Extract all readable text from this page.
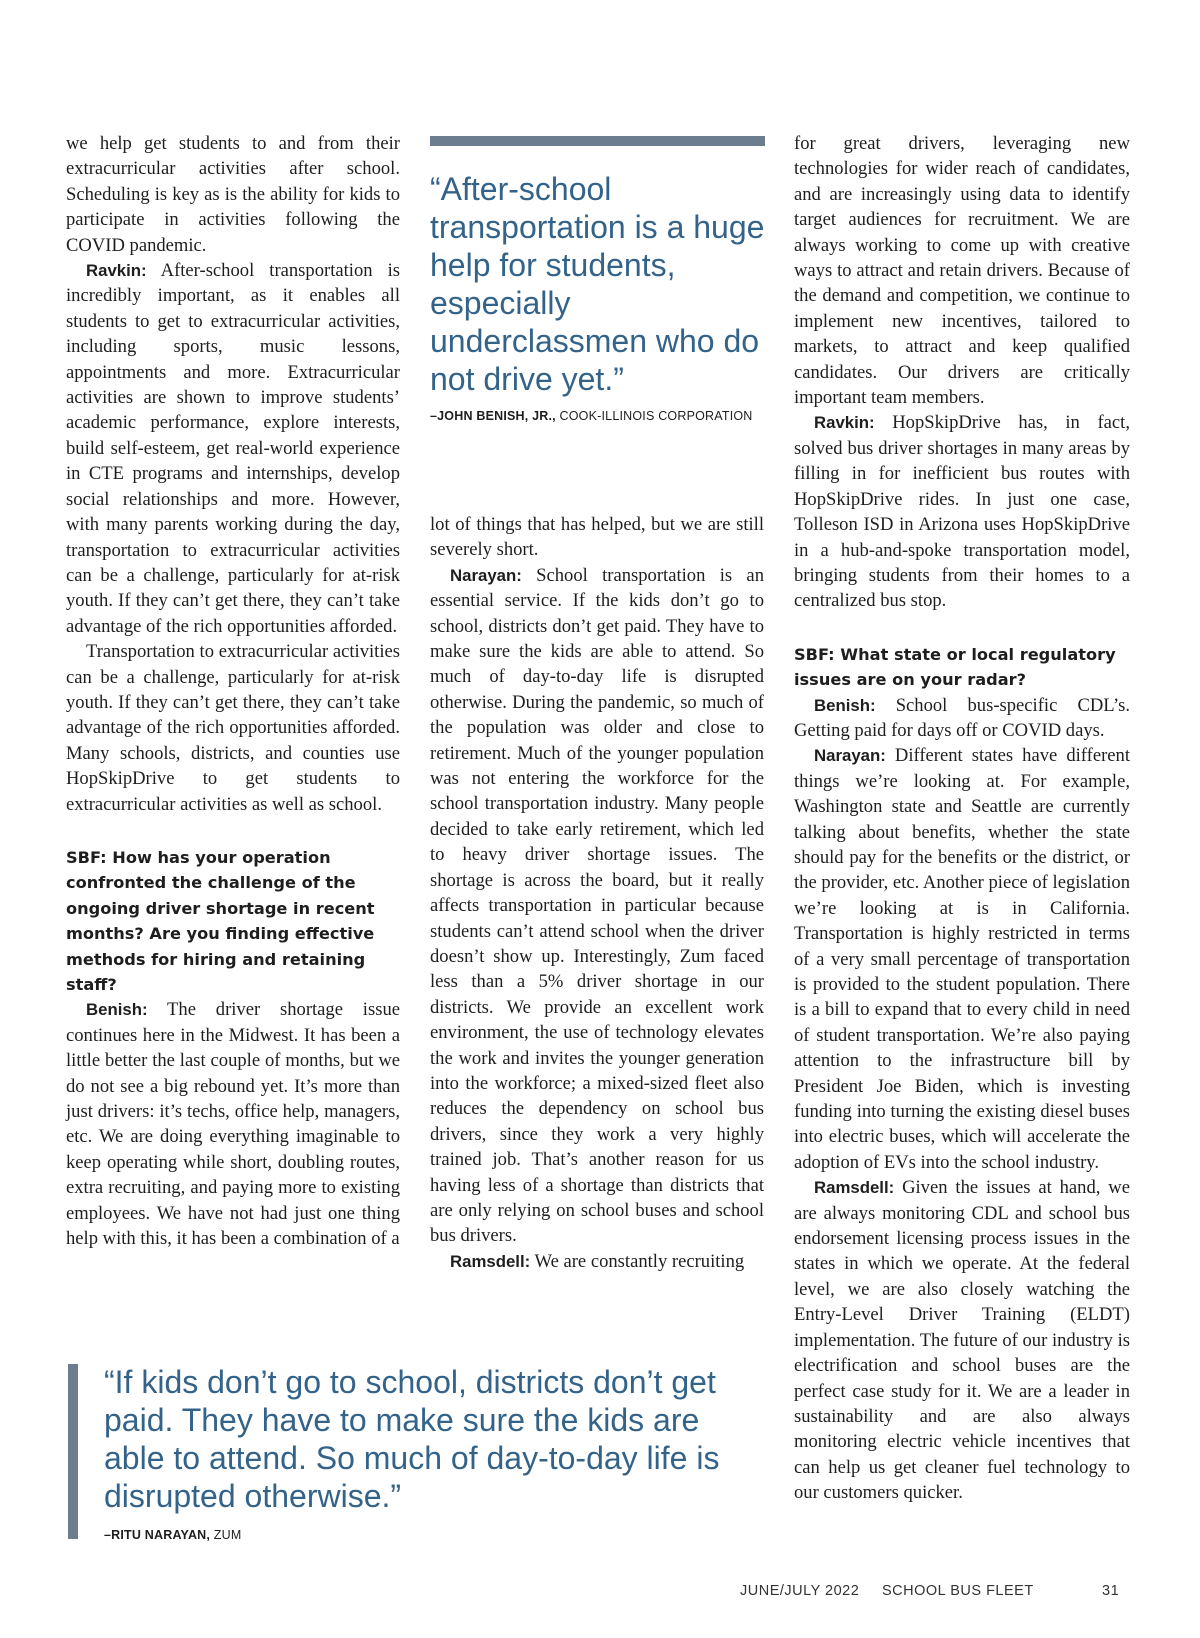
we help get students to and from their extracurricular activities after school. Scheduling is key as is the ability for kids to participate in activities following the COVID pandemic.

Ravkin: After-school transportation is incredibly important, as it enables all students to get to extracurricular activities, including sports, music lessons, appointments and more. Extracurricular activities are shown to improve students’ academic performance, explore interests, build self-esteem, get real-world experience in CTE programs and internships, develop social relationships and more. However, with many parents working during the day, transportation to extracurricular activities can be a challenge, particularly for at-risk youth. If they can’t get there, they can’t take advantage of the rich opportunities afforded.

Transportation to extracurricular activities can be a challenge, particularly for at-risk youth. If they can’t get there, they can’t take advantage of the rich opportunities afforded. Many schools, districts, and counties use HopSkipDrive to get students to extracurricular activities as well as school.

SBF: How has your operation confronted the challenge of the ongoing driver shortage in recent months? Are you finding effective methods for hiring and retaining staff?

Benish: The driver shortage issue continues here in the Midwest. It has been a little better the last couple of months, but we do not see a big rebound yet. It’s more than just drivers: it’s techs, office help, managers, etc. We are doing everything imaginable to keep operating while short, doubling routes, extra recruiting, and paying more to existing employees. We have not had just one thing help with this, it has been a combination of a

“After-school transportation is a huge help for students, especially underclassmen who do not drive yet.”
–JOHN BENISH, JR., COOK-ILLINOIS CORPORATION

lot of things that has helped, but we are still severely short.

Narayan: School transportation is an essential service. If the kids don’t go to school, districts don’t get paid. They have to make sure the kids are able to attend. So much of day-to-day life is disrupted otherwise. During the pandemic, so much of the population was older and close to retirement. Much of the younger population was not entering the workforce for the school transportation industry. Many people decided to take early retirement, which led to heavy driver shortage issues. The shortage is across the board, but it really affects transportation in particular because students can’t attend school when the driver doesn’t show up. Interestingly, Zum faced less than a 5% driver shortage in our districts. We provide an excellent work environment, the use of technology elevates the work and invites the younger generation into the workforce; a mixed-sized fleet also reduces the dependency on school bus drivers, since they work a very highly trained job. That’s another reason for us having less of a shortage than districts that are only relying on school buses and school bus drivers.

Ramsdell: We are constantly recruiting

for great drivers, leveraging new technologies for wider reach of candidates, and are increasingly using data to identify target audiences for recruitment. We are always working to come up with creative ways to attract and retain drivers. Because of the demand and competition, we continue to implement new incentives, tailored to markets, to attract and keep qualified candidates. Our drivers are critically important team members.

Ravkin: HopSkipDrive has, in fact, solved bus driver shortages in many areas by filling in for inefficient bus routes with HopSkipDrive rides. In just one case, Tolleson ISD in Arizona uses HopSkipDrive in a hub-and-spoke transportation model, bringing students from their homes to a centralized bus stop.

SBF: What state or local regulatory issues are on your radar?

Benish: School bus-specific CDL’s. Getting paid for days off or COVID days.

Narayan: Different states have different things we’re looking at. For example, Washington state and Seattle are currently talking about benefits, whether the state should pay for the benefits or the district, or the provider, etc. Another piece of legislation we’re looking at is in California. Transportation is highly restricted in terms of a very small percentage of transportation is provided to the student population. There is a bill to expand that to every child in need of student transportation. We’re also paying attention to the infrastructure bill by President Joe Biden, which is investing funding into turning the existing diesel buses into electric buses, which will accelerate the adoption of EVs into the school industry.

Ramsdell: Given the issues at hand, we are always monitoring CDL and school bus endorsement licensing process issues in the states in which we operate. At the federal level, we are also closely watching the Entry-Level Driver Training (ELDT) implementation. The future of our industry is electrification and school buses are the perfect case study for it. We are a leader in sustainability and are also always monitoring electric vehicle incentives that can help us get cleaner fuel technology to our customers quicker.

“If kids don’t go to school, districts don’t get paid. They have to make sure the kids are able to attend. So much of day-to-day life is disrupted otherwise.”
–RITU NARAYAN, ZUM
JUNE/JULY 2022 SCHOOL BUS FLEET	31
